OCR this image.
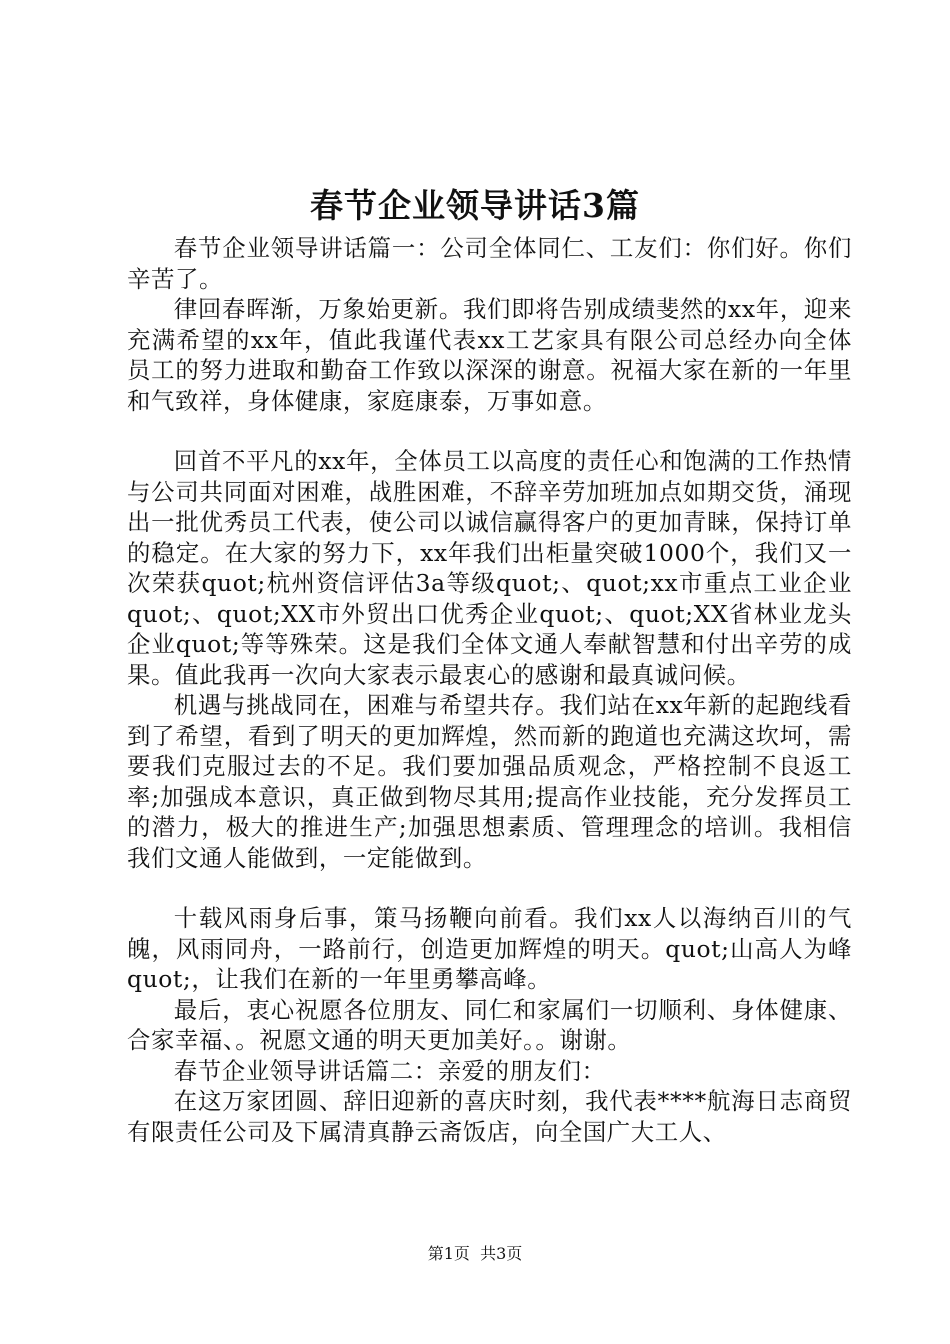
春节企业领导讲话3篇

春节企业领导讲话篇一：公司全体同仁、工友们：你们好。你们辛苦了。

律回春晖渐，万象始更新。我们即将告别成绩斐然的xx年，迎来充满希望的xx年，值此我谨代表xx工艺家具有限公司总经办向全体员工的努力进取和勤奋工作致以深深的谢意。祝福大家在新的一年里和气致祥，身体健康，家庭康泰，万事如意。

回首不平凡的xx年，全体员工以高度的责任心和饱满的工作热情与公司共同面对困难，战胜困难，不辞辛劳加班加点如期交货，涌现出一批优秀员工代表，使公司以诚信赢得客户的更加青睐，保持订单的稳定。在大家的努力下，xx年我们出柜量突破1000个，我们又一次荣获quot;杭州资信评估3a等级quot;、quot;xx市重点工业企业quot;、quot;XX市外贸出口优秀企业quot;、quot;XX省林业龙头企业quot;等等殊荣。这是我们全体文通人奉献智慧和付出辛劳的成果。值此我再一次向大家表示最衷心的感谢和最真诚问候。

机遇与挑战同在，困难与希望共存。我们站在xx年新的起跑线看到了希望，看到了明天的更加辉煌，然而新的跑道也充满这坎坷，需要我们克服过去的不足。我们要加强品质观念，严格控制不良返工率;加强成本意识，真正做到物尽其用;提高作业技能，充分发挥员工的潜力，极大的推进生产;加强思想素质、管理理念的培训。我相信我们文通人能做到，一定能做到。

十载风雨身后事，策马扬鞭向前看。我们xx人以海纳百川的气魄，风雨同舟，一路前行，创造更加辉煌的明天。quot;山高人为峰quot;，让我们在新的一年里勇攀高峰。

最后，衷心祝愿各位朋友、同仁和家属们一切顺利、身体健康、合家幸福、。祝愿文通的明天更加美好。。谢谢。

春节企业领导讲话篇二：亲爱的朋友们：

在这万家团圆、辞旧迎新的喜庆时刻，我代表****航海日志商贸有限责任公司及下属清真静云斋饭店，向全国广大工人、

第1页  共3页
